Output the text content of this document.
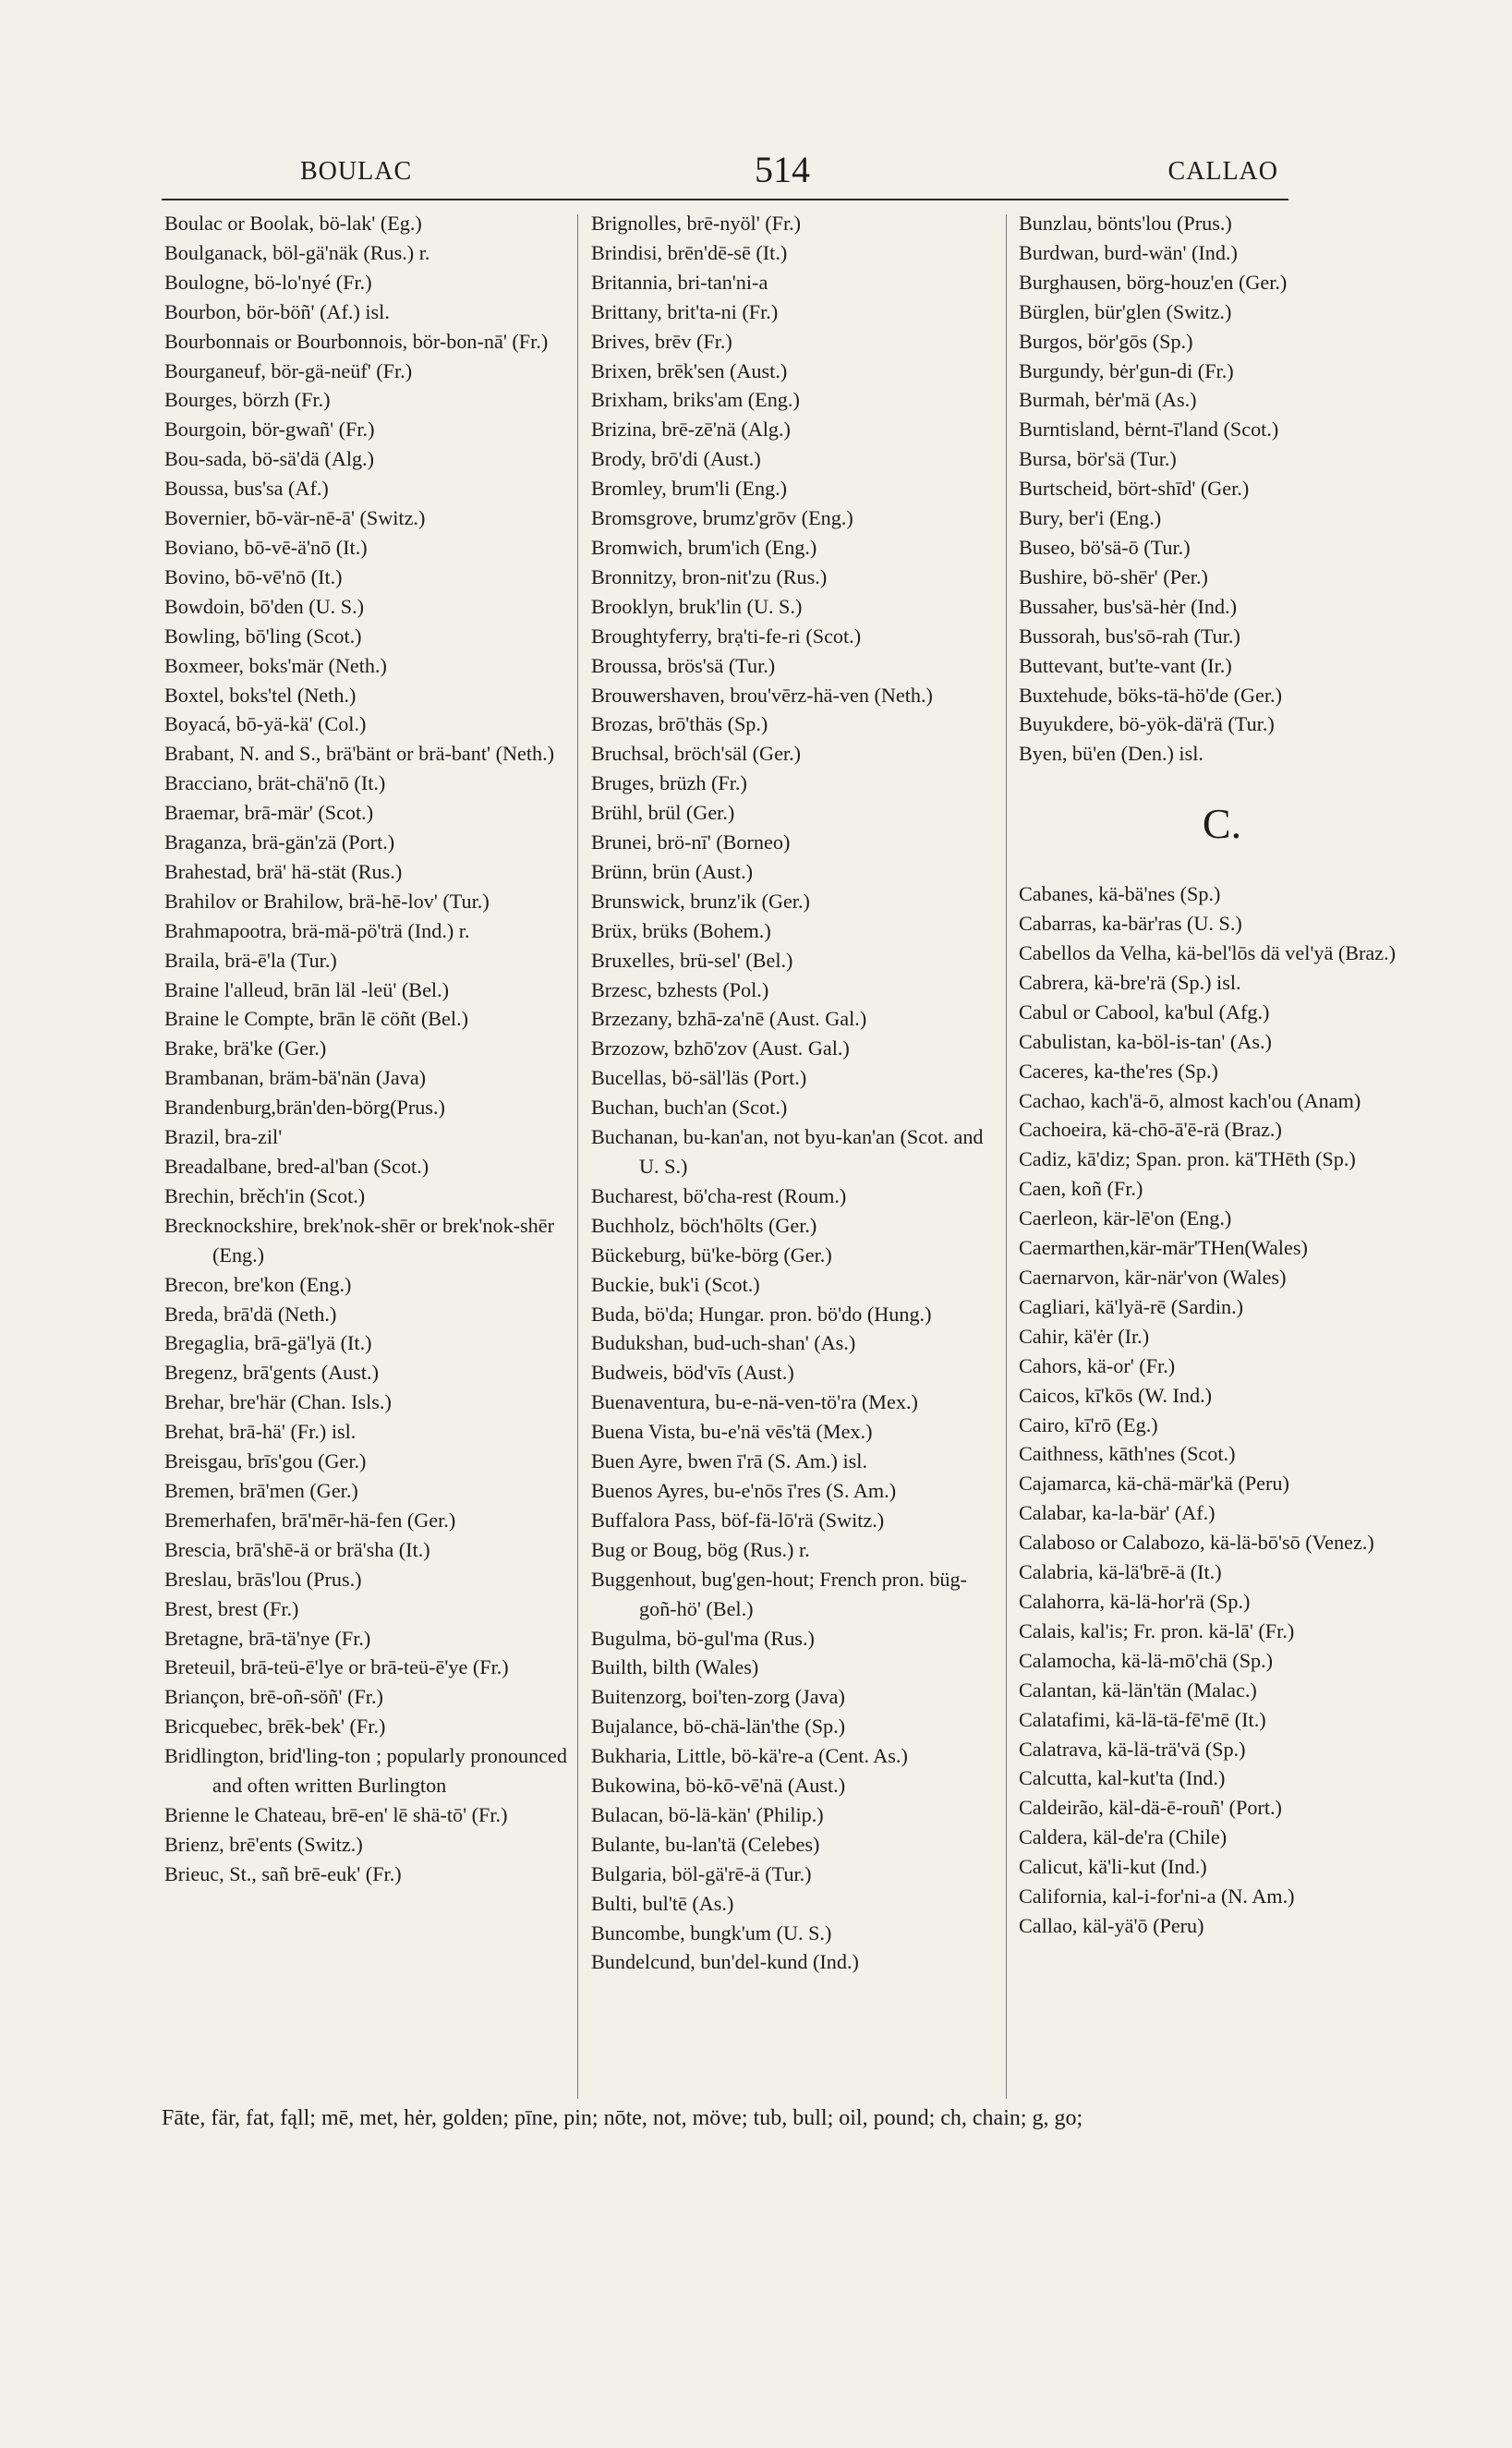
BOULAC	514	CALLAO

Boulac or Boolak, bö-lak' (Eg.)

Boulganack, böl-gä'näk (Rus.) r.

Boulogne, bö-lo'nyé (Fr.)

Bourbon, bör-böñ' (Af.) isl.

Bourbonnais or Bourbonnois, bör-bon-nā' (Fr.)

Bourganeuf, bör-gä-neüf' (Fr.)

Bourges, börzh (Fr.)

Bourgoin, bör-gwañ' (Fr.)

Bou-sada, bö-sä'dä (Alg.)

Boussa, bus'sa (Af.)

Bovernier, bō-vär-nē-ā' (Switz.)

Boviano, bō-vē-ä'nō (It.)

Bovino, bō-vē'nō (It.)

Bowdoin, bō'den (U. S.)

Bowling, bō'ling (Scot.)

Boxmeer, boks'mär (Neth.)

Boxtel, boks'tel (Neth.)

Boyacá, bō-yä-kä' (Col.)

Brabant, N. and S., brä'bänt or brä-bant' (Neth.)

Bracciano, brät-chä'nō (It.)

Braemar, brā-mär' (Scot.)

Braganza, brä-gän'zä (Port.)

Brahestad, brä' hä-stät (Rus.)

Brahilov or Brahilow, brä-hē-lov' (Tur.)

Brahmapootra, brä-mä-pö'trä (Ind.) r.

Braila, brä-ē'la (Tur.)

Braine l'alleud, brān läl -leü' (Bel.)

Braine le Compte, brān lē cöñt (Bel.)

Brake, brä'ke (Ger.)

Brambanan, bräm-bä'nän (Java)

Brandenburg,brän'den-börg(Prus.)

Brazil, bra-zil'

Breadalbane, bred-al'ban (Scot.)

Brechin, brěch'in (Scot.)

Brecknockshire, brek'nok-shēr or brek'nok-shēr (Eng.)

Brecon, bre'kon (Eng.)

Breda, brā'dä (Neth.)

Bregaglia, brā-gä'lyä (It.)

Bregenz, brā'gents (Aust.)

Brehar, bre'här (Chan. Isls.)

Brehat, brā-hä' (Fr.) isl.

Breisgau, brīs'gou (Ger.)

Bremen, brā'men (Ger.)

Bremerhafen, brā'mēr-hä-fen (Ger.)

Brescia, brā'shē-ä or brä'sha (It.)

Breslau, brās'lou (Prus.)

Brest, brest (Fr.)

Bretagne, brā-tä'nye (Fr.)

Breteuil, brā-teü-ē'lye or brā-teü-ē'ye (Fr.)

Briançon, brē-oñ-söñ' (Fr.)

Bricquebec, brēk-bek' (Fr.)

Bridlington, brid'ling-ton ; popularly pronounced and often written Burlington

Brienne le Chateau, brē-en' lē shä-tō' (Fr.)

Brienz, brē'ents (Switz.)

Brieuc, St., sañ brē-euk' (Fr.)

Brignolles, brē-nyöl' (Fr.)

Brindisi, brēn'dē-sē (It.)

Britannia, bri-tan'ni-a

Brittany, brit'ta-ni (Fr.)

Brives, brēv (Fr.)

Brixen, brēk'sen (Aust.)

Brixham, briks'am (Eng.)

Brizina, brē-zē'nä (Alg.)

Brody, brō'di (Aust.)

Bromley, brum'li (Eng.)

Bromsgrove, brumz'grōv (Eng.)

Bromwich, brum'ich (Eng.)

Bronnitzy, bron-nit'zu (Rus.)

Brooklyn, bruk'lin (U. S.)

Broughtyferry, brạ'ti-fe-ri (Scot.)

Broussa, brös'sä (Tur.)

Brouwershaven, brou'vērz-hä-ven (Neth.)

Brozas, brō'thäs (Sp.)

Bruchsal, bröch'säl (Ger.)

Bruges, brüzh (Fr.)

Brühl, brül (Ger.)

Brunei, brö-nī' (Borneo)

Brünn, brün (Aust.)

Brunswick, brunz'ik (Ger.)

Brüx, brüks (Bohem.)

Bruxelles, brü-sel' (Bel.)

Brzesc, bzhests (Pol.)

Brzezany, bzhā-za'nē (Aust. Gal.)

Brzozow, bzhō'zov (Aust. Gal.)

Bucellas, bö-säl'läs (Port.)

Buchan, buch'an (Scot.)

Buchanan, bu-kan'an, not byu-kan'an (Scot. and U. S.)

Bucharest, bö'cha-rest (Roum.)

Buchholz, böch'hōlts (Ger.)

Bückeburg, bü'ke-börg (Ger.)

Buckie, buk'i (Scot.)

Buda, bö'da; Hungar. pron. bö'do (Hung.)

Budukshan, bud-uch-shan' (As.)

Budweis, böd'vīs (Aust.)

Buenaventura, bu-e-nä-ven-tö'ra (Mex.)

Buena Vista, bu-e'nä vēs'tä (Mex.)

Buen Ayre, bwen ī'rā (S. Am.) isl.

Buenos Ayres, bu-e'nōs ī'res (S. Am.)

Buffalora Pass, böf-fä-lō'rä (Switz.)

Bug or Boug, bög (Rus.) r.

Buggenhout, bug'gen-hout; French pron. büg-goñ-hö' (Bel.)

Bugulma, bö-gul'ma (Rus.)

Builth, bilth (Wales)

Buitenzorg, boi'ten-zorg (Java)

Bujalance, bö-chä-län'the (Sp.)

Bukharia, Little, bö-kä're-a (Cent. As.)

Bukowina, bö-kō-vē'nä (Aust.)

Bulacan, bö-lä-kän' (Philip.)

Bulante, bu-lan'tä (Celebes)

Bulgaria, böl-gä'rē-ä (Tur.)

Bulti, bul'tē (As.)

Buncombe, bungk'um (U. S.)

Bundelcund, bun'del-kund (Ind.)

Bunzlau, bönts'lou (Prus.)

Burdwan, burd-wän' (Ind.)

Burghausen, börg-houz'en (Ger.)

Bürglen, bür'glen (Switz.)

Burgos, bör'gōs (Sp.)

Burgundy, bėr'gun-di (Fr.)

Burmah, bėr'mä (As.)

Burntisland, bėrnt-ī'land (Scot.)

Bursa, bör'sä (Tur.)

Burtscheid, bört-shīd' (Ger.)

Bury, ber'i (Eng.)

Buseo, bö'sä-ō (Tur.)

Bushire, bö-shēr' (Per.)

Bussaher, bus'sä-hėr (Ind.)

Bussorah, bus'sō-rah (Tur.)

Buttevant, but'te-vant (Ir.)

Buxtehude, böks-tä-hö'de (Ger.)

Buyukdere, bö-yök-dä'rä (Tur.)

Byen, bü'en (Den.) isl.

C.

Cabanes, kä-bä'nes (Sp.)

Cabarras, ka-bär'ras (U. S.)

Cabellos da Velha, kä-bel'lōs dä vel'yä (Braz.)

Cabrera, kä-bre'rä (Sp.) isl.

Cabul or Cabool, ka'bul (Afg.)

Cabulistan, ka-böl-is-tan' (As.)

Caceres, ka-the'res (Sp.)

Cachao, kach'ä-ō, almost kach'ou (Anam)

Cachoeira, kä-chō-ā'ē-rä (Braz.)

Cadiz, kā'diz; Span. pron. kä'THēth (Sp.)

Caen, koñ (Fr.)

Caerleon, kär-lē'on (Eng.)

Caermarthen,kär-mär'THen(Wales)

Caernarvon, kär-när'von (Wales)

Cagliari, kä'lyä-rē (Sardin.)

Cahir, kä'ėr (Ir.)

Cahors, kä-or' (Fr.)

Caicos, kī'kōs (W. Ind.)

Cairo, kī'rō (Eg.)

Caithness, kāth'nes (Scot.)

Cajamarca, kä-chä-mär'kä (Peru)

Calabar, ka-la-bär' (Af.)

Calaboso or Calabozo, kä-lä-bō'sō (Venez.)

Calabria, kä-lä'brē-ä (It.)

Calahorra, kä-lä-hor'rä (Sp.)

Calais, kal'is; Fr. pron. kä-lā' (Fr.)

Calamocha, kä-lä-mō'chä (Sp.)

Calantan, kä-län'tän (Malac.)

Calatafimi, kä-lä-tä-fē'mē (It.)

Calatrava, kä-lä-trä'vä (Sp.)

Calcutta, kal-kut'ta (Ind.)

Caldeirão, käl-dä-ē-rouñ' (Port.)

Caldera, käl-de'ra (Chile)

Calicut, kä'li-kut (Ind.)

California, kal-i-for'ni-a (N. Am.)

Callao, käl-yä'ō (Peru)

Fāte, fär, fat, fąll; mē, met, hėr, golden; pīne, pin; nōte, not, möve; tub, bull; oil, pound; ch, chain; g, go;
